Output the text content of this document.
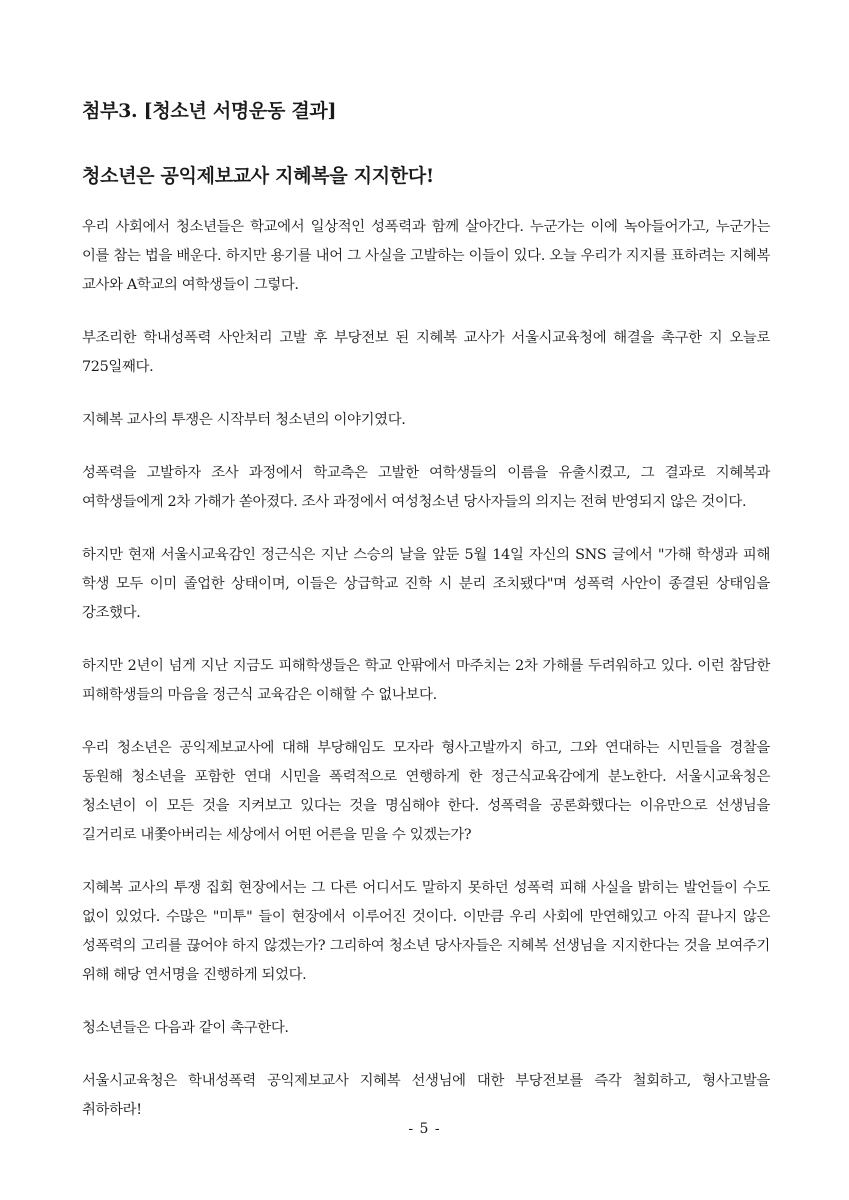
첨부3. [청소년 서명운동 결과]
청소년은 공익제보교사 지혜복을 지지한다!

우리 사회에서 청소년들은 학교에서 일상적인 성폭력과 함께 살아간다. 누군가는 이에 녹아들어가고, 누군가는 이를 참는 법을 배운다. 하지만 용기를 내어 그 사실을 고발하는 이들이 있다. 오늘 우리가 지지를 표하려는 지혜복 교사와 A학교의 여학생들이 그렇다.

부조리한 학내성폭력 사안처리 고발 후 부당전보 된 지혜복 교사가 서울시교육청에 해결을 촉구한 지 오늘로 725일째다.

지혜복 교사의 투쟁은 시작부터 청소년의 이야기였다.

성폭력을 고발하자 조사 과정에서 학교측은 고발한 여학생들의 이름을 유출시켰고, 그 결과로 지혜복과 여학생들에게 2차 가해가 쏟아졌다. 조사 과정에서 여성청소년 당사자들의 의지는 전혀 반영되지 않은 것이다.

하지만 현재 서울시교육감인 정근식은 지난 스승의 날을 앞둔 5월 14일 자신의 SNS 글에서 "가해 학생과 피해 학생 모두 이미 졸업한 상태이며, 이들은 상급학교 진학 시 분리 조치됐다"며 성폭력 사안이 종결된 상태임을 강조했다.

하지만 2년이 넘게 지난 지금도 피해학생들은 학교 안팎에서 마주치는 2차 가해를 두려워하고 있다. 이런 참담한 피해학생들의 마음을 정근식 교육감은 이해할 수 없나보다.

우리 청소년은 공익제보교사에 대해 부당해임도 모자라 형사고발까지 하고, 그와 연대하는 시민들을 경찰을 동원해 청소년을 포함한 연대 시민을 폭력적으로 연행하게 한 정근식교육감에게 분노한다. 서울시교육청은 청소년이 이 모든 것을 지켜보고 있다는 것을 명심해야 한다. 성폭력을 공론화했다는 이유만으로 선생님을 길거리로 내쫓아버리는 세상에서 어떤 어른을 믿을 수 있겠는가?

지혜복 교사의 투쟁 집회 현장에서는 그 다른 어디서도 말하지 못하던 성폭력 피해 사실을 밝히는 발언들이 수도 없이 있었다. 수많은 "미투" 들이 현장에서 이루어진 것이다. 이만큼 우리 사회에 만연해있고 아직 끝나지 않은 성폭력의 고리를 끊어야 하지 않겠는가? 그리하여 청소년 당사자들은 지혜복 선생님을 지지한다는 것을 보여주기 위해 해당 연서명을 진행하게 되었다.

청소년들은 다음과 같이 촉구한다.

서울시교육청은 학내성폭력 공익제보교사 지혜복 선생님에 대한 부당전보를 즉각 철회하고, 형사고발을 취하하라!

- 5 -
